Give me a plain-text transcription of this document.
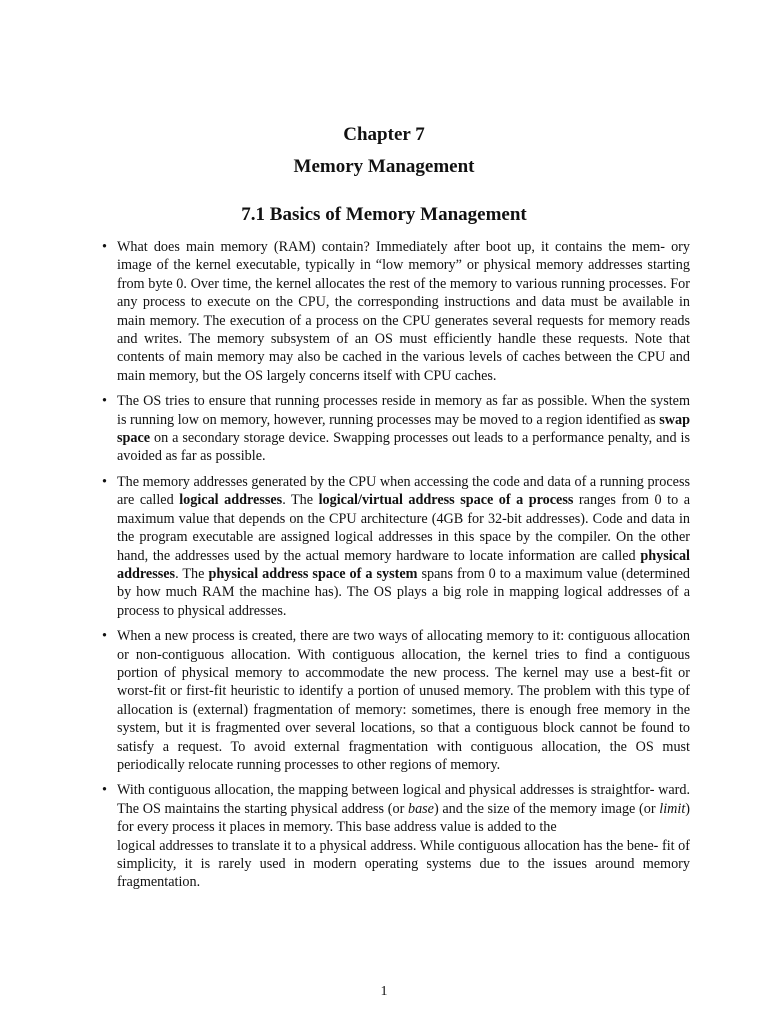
Chapter 7
Memory Management
7.1 Basics of Memory Management
• What does main memory (RAM) contain? Immediately after boot up, it contains the mem- ory image of the kernel executable, typically in “low memory” or physical memory addresses starting from byte 0. Over time, the kernel allocates the rest of the memory to various running processes. For any process to execute on the CPU, the corresponding instructions and data must be available in main memory. The execution of a process on the CPU generates several requests for memory reads and writes. The memory subsystem of an OS must efficiently handle these requests. Note that contents of main memory may also be cached in the various levels of caches between the CPU and main memory, but the OS largely concerns itself with CPU caches.

• The OS tries to ensure that running processes reside in memory as far as possible. When the system is running low on memory, however, running processes may be moved to a region identified as swap space on a secondary storage device. Swapping processes out leads to a performance penalty, and is avoided as far as possible.

• The memory addresses generated by the CPU when accessing the code and data of a running process are called logical addresses. The logical/virtual address space of a process ranges from 0 to a maximum value that depends on the CPU architecture (4GB for 32-bit addresses). Code and data in the program executable are assigned logical addresses in this space by the compiler. On the other hand, the addresses used by the actual memory hardware to locate information are called physical addresses. The physical address space of a system spans from 0 to a maximum value (determined by how much RAM the machine has). The OS plays a big role in mapping logical addresses of a process to physical addresses.

• When a new process is created, there are two ways of allocating memory to it: contiguous allocation or non-contiguous allocation. With contiguous allocation, the kernel tries to find a contiguous portion of physical memory to accommodate the new process. The kernel may use a best-fit or worst-fit or first-fit heuristic to identify a portion of unused memory. The problem with this type of allocation is (external) fragmentation of memory: sometimes, there is enough free memory in the system, but it is fragmented over several locations, so that a contiguous block cannot be found to satisfy a request. To avoid external fragmentation with contiguous allocation, the OS must periodically relocate running processes to other regions of memory.

• With contiguous allocation, the mapping between logical and physical addresses is straightfor- ward. The OS maintains the starting physical address (or base) and the size of the memory image (or limit) for every process it places in memory. This base address value is added to the

logical addresses to translate it to a physical address. While contiguous allocation has the bene- fit of simplicity, it is rarely used in modern operating systems due to the issues around memory fragmentation.

1
